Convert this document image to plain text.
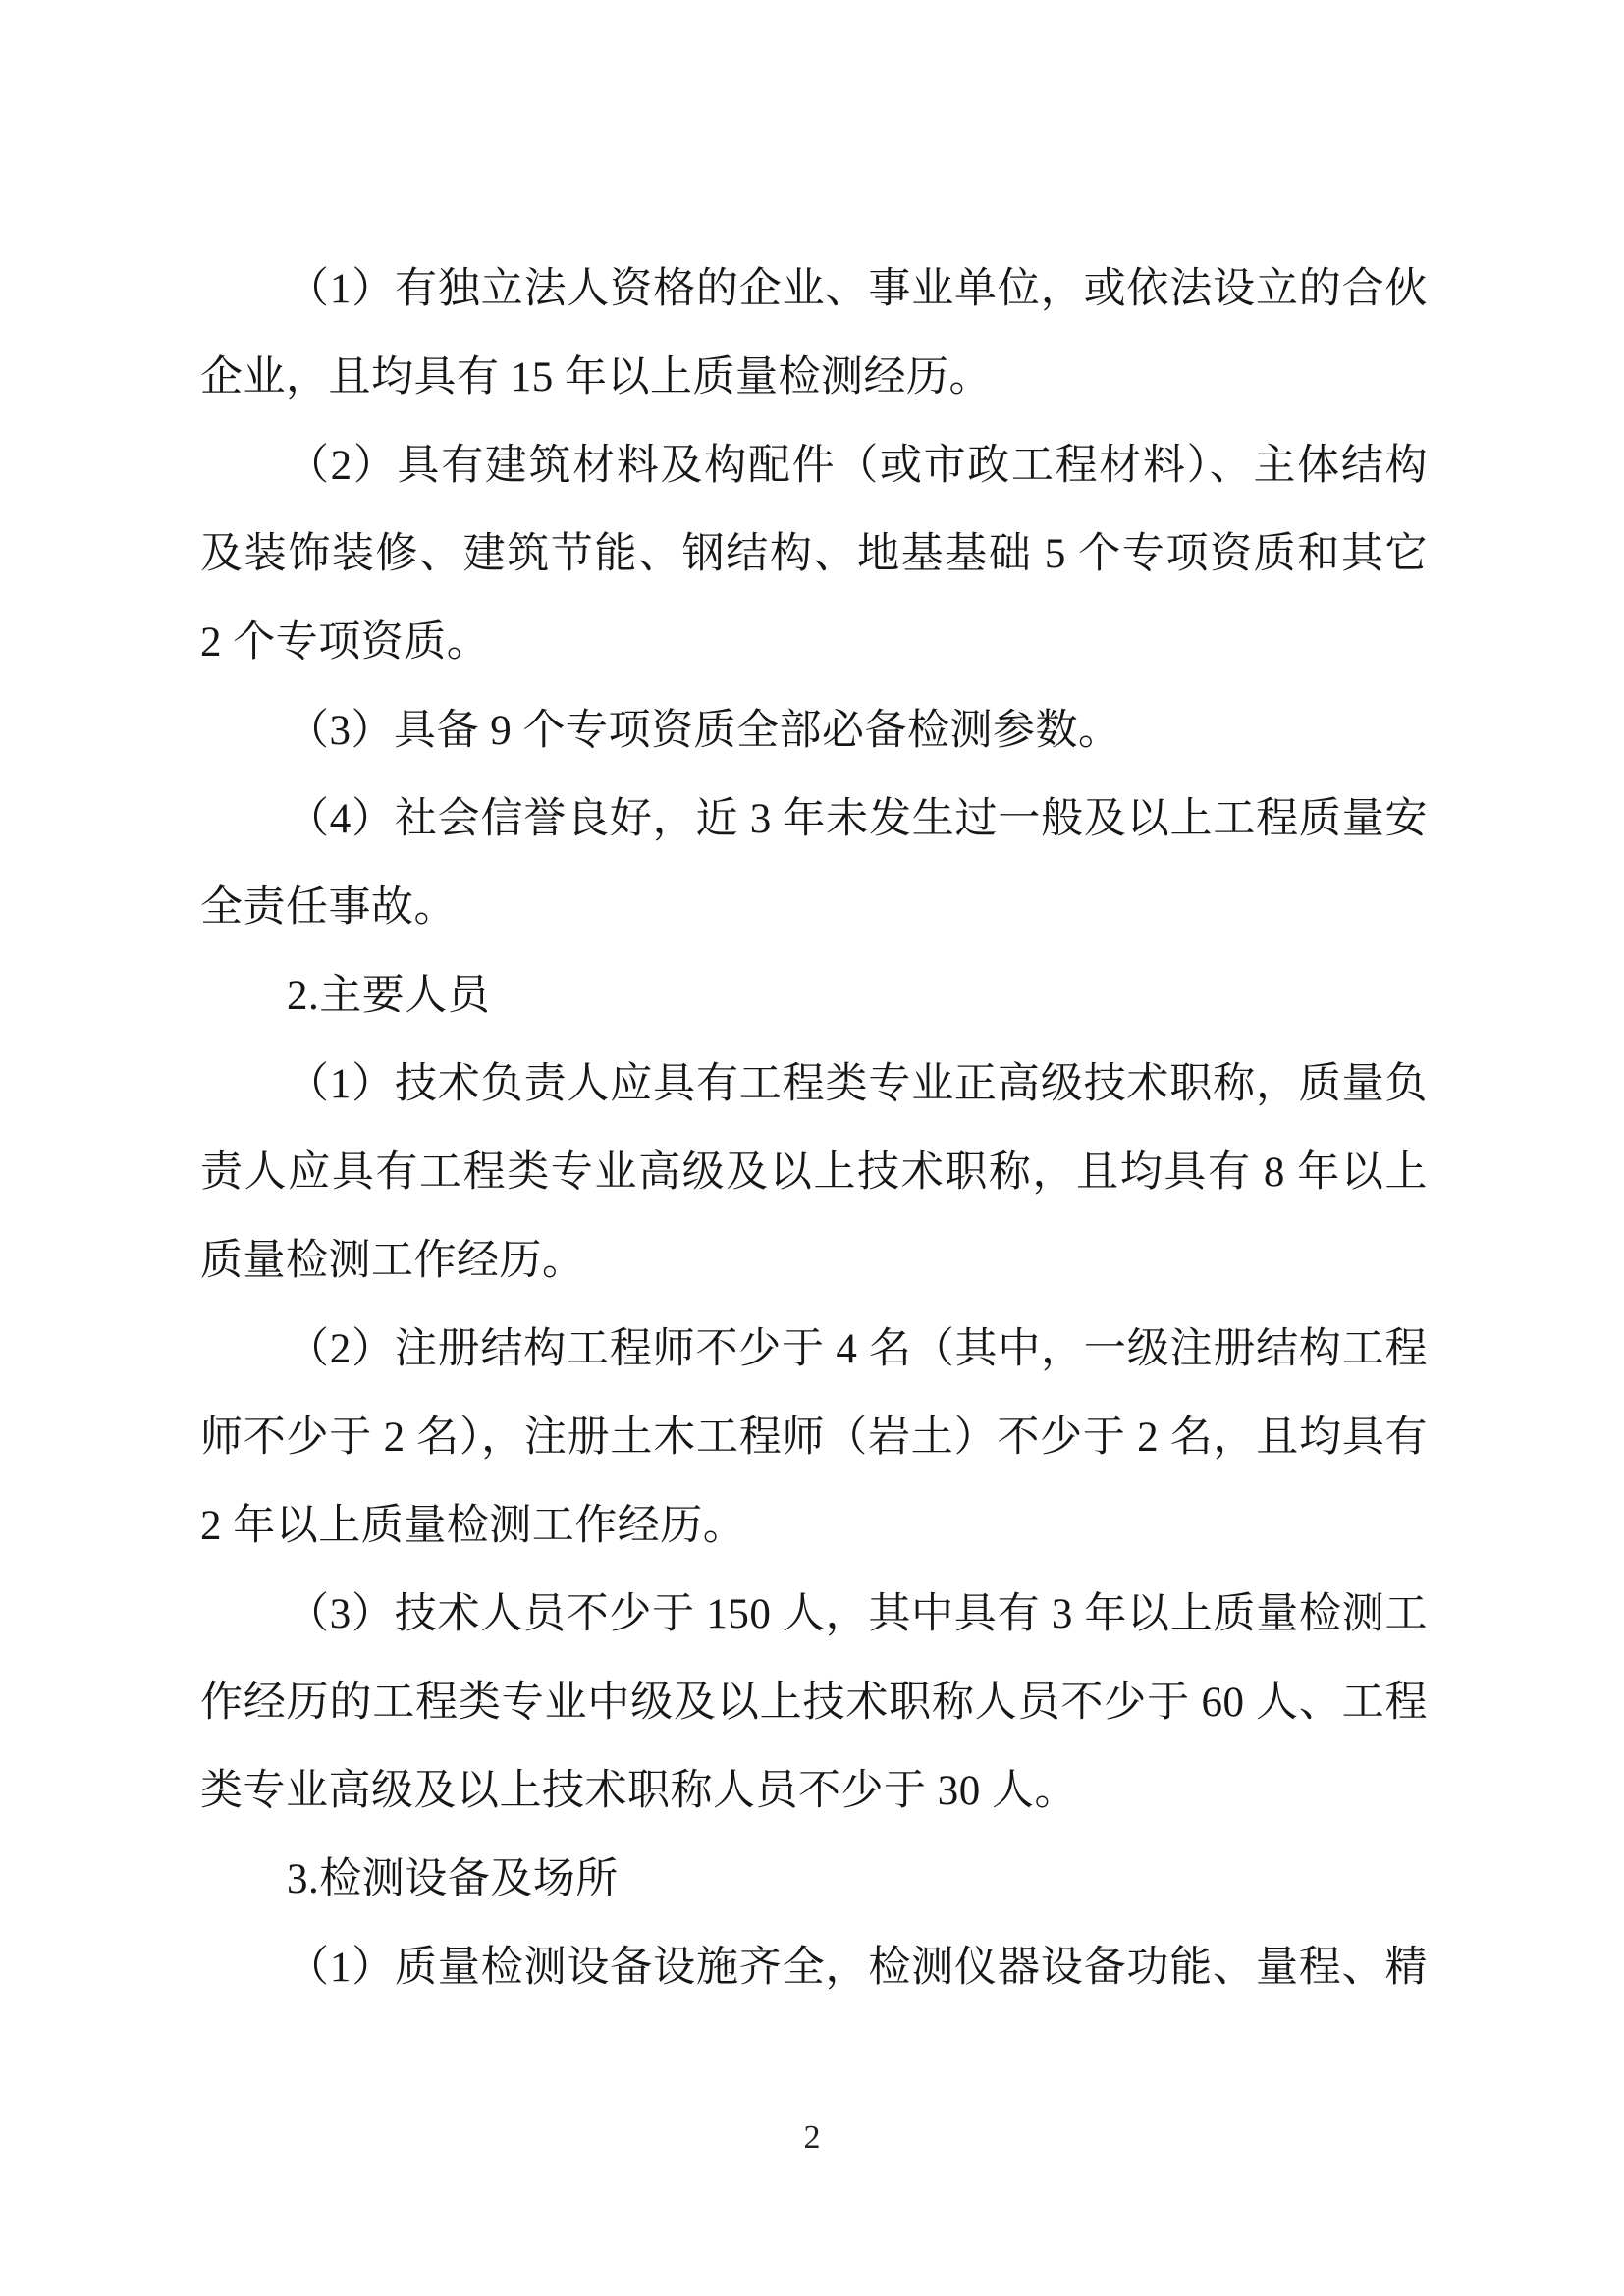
（1）有独立法人资格的企业、事业单位，或依法设立的合伙
企业，且均具有 15 年以上质量检测经历。
（2）具有建筑材料及构配件（或市政工程材料）、主体结构
及装饰装修、建筑节能、钢结构、地基基础 5 个专项资质和其它
2 个专项资质。
（3）具备 9 个专项资质全部必备检测参数。
（4）社会信誉良好，近 3 年未发生过一般及以上工程质量安
全责任事故。
2.主要人员
（1）技术负责人应具有工程类专业正高级技术职称，质量负
责人应具有工程类专业高级及以上技术职称，且均具有 8 年以上
质量检测工作经历。
（2）注册结构工程师不少于 4 名（其中，一级注册结构工程
师不少于 2 名），注册土木工程师（岩土）不少于 2 名，且均具有
2 年以上质量检测工作经历。
（3）技术人员不少于 150 人，其中具有 3 年以上质量检测工
作经历的工程类专业中级及以上技术职称人员不少于 60 人、工程
类专业高级及以上技术职称人员不少于 30 人。
3.检测设备及场所
（1）质量检测设备设施齐全，检测仪器设备功能、量程、精
2
